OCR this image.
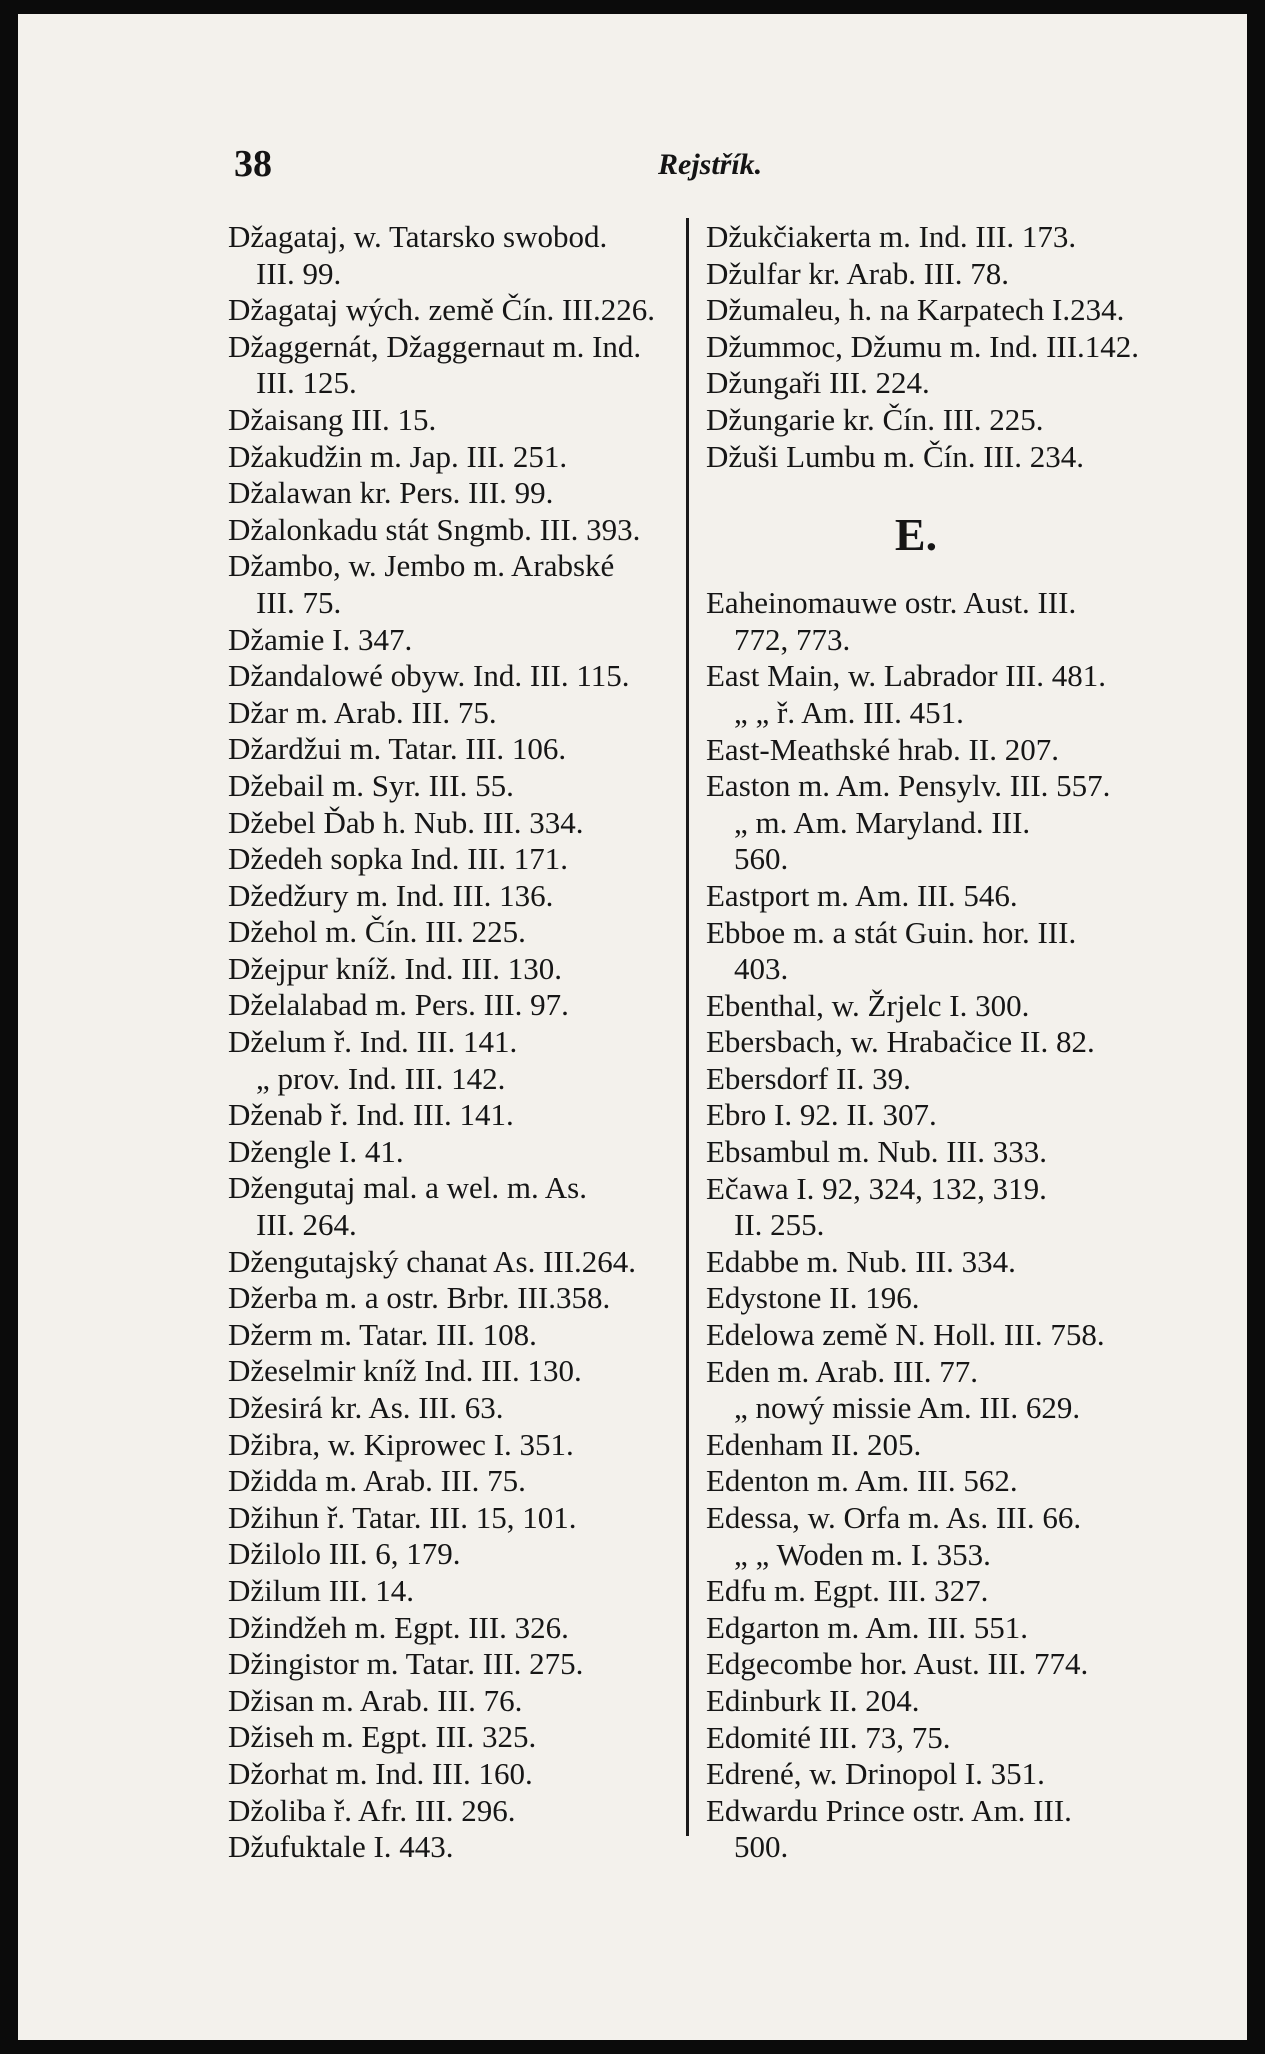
38	Rejstřík.
Džagataj, w. Tatarsko swobod.
III. 99.
Džagataj wých. země Čín. III.226.
Džaggernát, Džaggernaut m. Ind.
III. 125.
Džaisang III. 15.
Džakudžin m. Jap. III. 251.
Džalawan kr. Pers. III. 99.
Džalonkadu stát Sngmb. III. 393.
Džambo, w. Jembo m. Arabské
III. 75.
Džamie I. 347.
Džandalowé obyw. Ind. III. 115.
Džar m. Arab. III. 75.
Džardžui m. Tatar. III. 106.
Džebail m. Syr. III. 55.
Džebel Ďab h. Nub. III. 334.
Džedeh sopka Ind. III. 171.
Džedžury m. Ind. III. 136.
Džehol m. Čín. III. 225.
Džejpur kníž. Ind. III. 130.
Dželalabad m. Pers. III. 97.
Dželum ř. Ind. III. 141.
„ prov. Ind. III. 142.
Dženab ř. Ind. III. 141.
Džengle I. 41.
Džengutaj mal. a wel. m. As.
III. 264.
Džengutajský chanat As. III.264.
Džerba m. a ostr. Brbr. III.358.
Džerm m. Tatar. III. 108.
Džeselmir kníž Ind. III. 130.
Džesirá kr. As. III. 63.
Džibra, w. Kiprowec I. 351.
Džidda m. Arab. III. 75.
Džihun ř. Tatar. III. 15, 101.
Džilolo III. 6, 179.
Džilum III. 14.
Džindžeh m. Egpt. III. 326.
Džingistor m. Tatar. III. 275.
Džisan m. Arab. III. 76.
Džiseh m. Egpt. III. 325.
Džorhat m. Ind. III. 160.
Džoliba ř. Afr. III. 296.
Džufuktale I. 443.
Džukčiakerta m. Ind. III. 173.
Džulfar kr. Arab. III. 78.
Džumaleu, h. na Karpatech I.234.
Džummoc, Džumu m. Ind. III.142.
Džungaři III. 224.
Džungarie kr. Čín. III. 225.
Džuši Lumbu m. Čín. III. 234.
E.
Eaheinomauwe ostr. Aust. III.
772, 773.
East Main, w. Labrador III. 481.
„ „ ř. Am. III. 451.
East-Meathské hrab. II. 207.
Easton m. Am. Pensylv. III. 557.
„ m. Am. Maryland. III.
560.
Eastport m. Am. III. 546.
Ebboe m. a stát Guin. hor. III.
403.
Ebenthal, w. Žrjelc I. 300.
Ebersbach, w. Hrabačice II. 82.
Ebersdorf II. 39.
Ebro I. 92. II. 307.
Ebsambul m. Nub. III. 333.
Ečawa I. 92, 324, 132, 319.
II. 255.
Edabbe m. Nub. III. 334.
Edystone II. 196.
Edelowa země N. Holl. III. 758.
Eden m. Arab. III. 77.
„ nowý missie Am. III. 629.
Edenham II. 205.
Edenton m. Am. III. 562.
Edessa, w. Orfa m. As. III. 66.
„ „ Woden m. I. 353.
Edfu m. Egpt. III. 327.
Edgarton m. Am. III. 551.
Edgecombe hor. Aust. III. 774.
Edinburk II. 204.
Edomité III. 73, 75.
Edrené, w. Drinopol I. 351.
Edwardu Prince ostr. Am. III.
500.
